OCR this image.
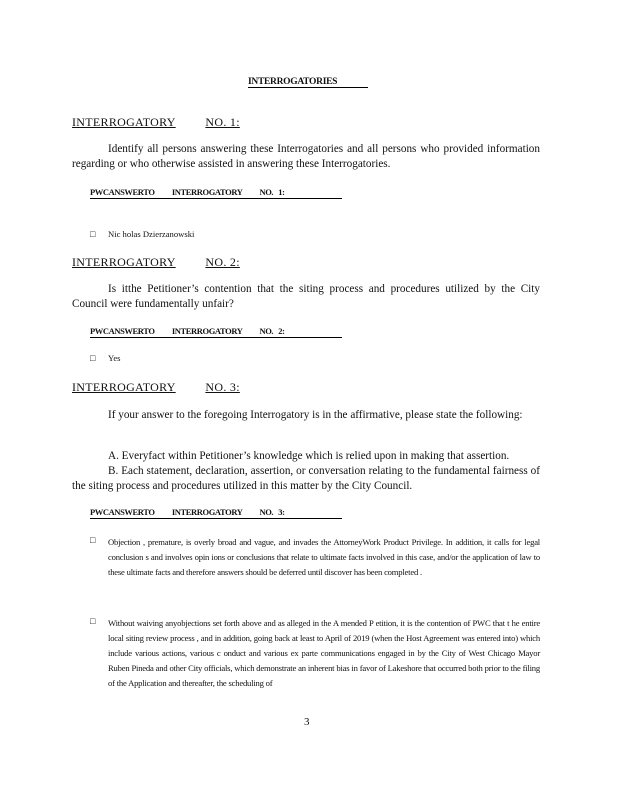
INTERROGATORIES
INTERROGATORY NO. 1:
Identify all persons answering these Interrogatories and all persons who provided information regarding or who otherwise assisted in answering these Interrogatories.
PWCANSWERTO          INTERROGATORY          NO.   1:
□ Nic holas Dzierzanowski
INTERROGATORY NO. 2:
Is itthe Petitioner’s contention that the siting process and procedures utilized by the City Council were fundamentally unfair?
PWCANSWERTO          INTERROGATORY          NO.   2:
□ Yes
INTERROGATORY NO. 3:
If your answer to the foregoing Interrogatory is in the affirmative, please state the following:
A. Everyfact within Petitioner’s knowledge which is relied upon in making that assertion.
B. Each statement, declaration, assertion, or conversation relating to the fundamental fairness of the siting process and procedures utilized in this matter by the City Council.
PWCANSWERTO          INTERROGATORY          NO.   3:
□ Objection , premature, is overly broad and vague, and invades the AttorneyWork Product Privilege. In addition, it calls for legal conclusion s and involves opin ions or conclusions that relate to ultimate facts involved in this case, and/or the application of law to these ultimate facts and therefore answers should be deferred until discover has been completed .
□ Without waiving anyobjections set forth above and as alleged in the A mended P etition, it is the contention of PWC that t he entire local siting review process , and in addition, going back at least to April of 2019 (when the Host Agreement was entered into) which include various actions, various c onduct and various ex parte communications engaged in by the City of West Chicago Mayor Ruben Pineda and other City officials, which demonstrate an inherent bias in favor of Lakeshore that occurred both prior to the filing of the Application and thereafter, the scheduling of
3
